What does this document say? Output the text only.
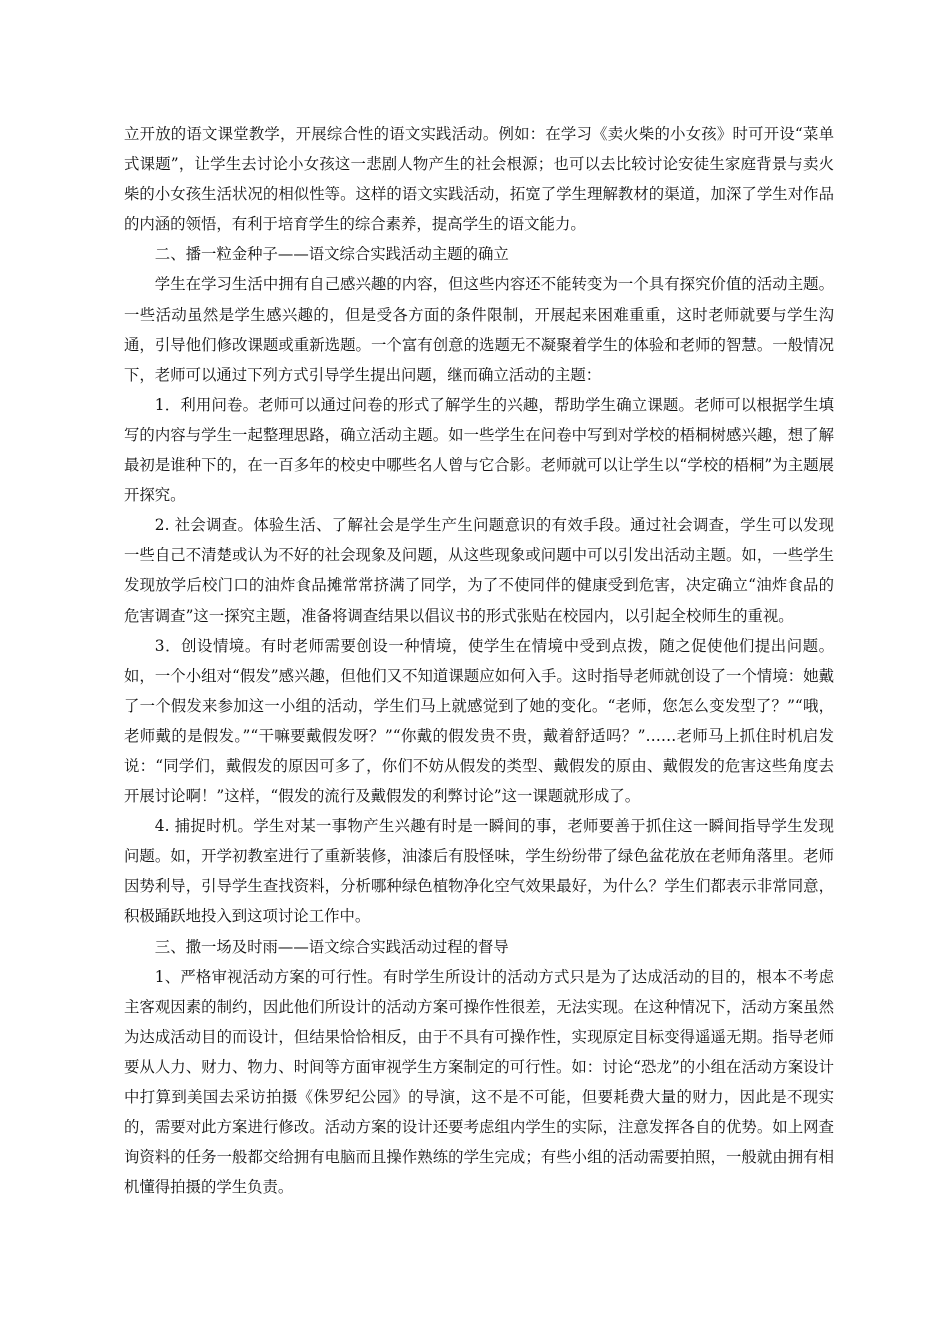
立开放的语文课堂教学，开展综合性的语文实践活动。例如：在学习《卖火柴的小女孩》时可开设“菜单式课题”，让学生去讨论小女孩这一悲剧人物产生的社会根源；也可以去比较讨论安徒生家庭背景与卖火柴的小女孩生活状况的相似性等。这样的语文实践活动，拓宽了学生理解教材的渠道，加深了学生对作品的内涵的领悟，有利于培育学生的综合素养，提高学生的语文能力。

二、播一粒金种子——语文综合实践活动主题的确立

学生在学习生活中拥有自己感兴趣的内容，但这些内容还不能转变为一个具有探究价值的活动主题。一些活动虽然是学生感兴趣的，但是受各方面的条件限制，开展起来困难重重，这时老师就要与学生沟通，引导他们修改课题或重新选题。一个富有创意的选题无不凝聚着学生的体验和老师的智慧。一般情况下，老师可以通过下列方式引导学生提出问题，继而确立活动的主题：

1．利用问卷。老师可以通过问卷的形式了解学生的兴趣，帮助学生确立课题。老师可以根据学生填写的内容与学生一起整理思路，确立活动主题。如一些学生在问卷中写到对学校的梧桐树感兴趣，想了解最初是谁种下的，在一百多年的校史中哪些名人曾与它合影。老师就可以让学生以“学校的梧桐”为主题展开探究。

2. 社会调查。体验生活、了解社会是学生产生问题意识的有效手段。通过社会调查，学生可以发现一些自己不清楚或认为不好的社会现象及问题，从这些现象或问题中可以引发出活动主题。如，一些学生发现放学后校门口的油炸食品摊常常挤满了同学，为了不使同伴的健康受到危害，决定确立“油炸食品的危害调查”这一探究主题，准备将调查结果以倡议书的形式张贴在校园内，以引起全校师生的重视。

3．创设情境。有时老师需要创设一种情境，使学生在情境中受到点拨，随之促使他们提出问题。如，一个小组对“假发”感兴趣，但他们又不知道课题应如何入手。这时指导老师就创设了一个情境：她戴了一个假发来参加这一小组的活动，学生们马上就感觉到了她的变化。“老师，您怎么变发型了？”“哦，老师戴的是假发。”“干嘛要戴假发呀？”“你戴的假发贵不贵，戴着舒适吗？”……老师马上抓住时机启发说：“同学们，戴假发的原因可多了，你们不妨从假发的类型、戴假发的原由、戴假发的危害这些角度去开展讨论啊！”这样，“假发的流行及戴假发的利弊讨论”这一课题就形成了。

4. 捕捉时机。学生对某一事物产生兴趣有时是一瞬间的事，老师要善于抓住这一瞬间指导学生发现问题。如，开学初教室进行了重新装修，油漆后有股怪味，学生纷纷带了绿色盆花放在老师角落里。老师因势利导，引导学生查找资料，分析哪种绿色植物净化空气效果最好，为什么？学生们都表示非常同意，积极踊跃地投入到这项讨论工作中。

三、撒一场及时雨——语文综合实践活动过程的督导

1、严格审视活动方案的可行性。有时学生所设计的活动方式只是为了达成活动的目的，根本不考虑主客观因素的制约，因此他们所设计的活动方案可操作性很差，无法实现。在这种情况下，活动方案虽然为达成活动目的而设计，但结果恰恰相反，由于不具有可操作性，实现原定目标变得遥遥无期。指导老师要从人力、财力、物力、时间等方面审视学生方案制定的可行性。如：讨论“恐龙”的小组在活动方案设计中打算到美国去采访拍摄《侏罗纪公园》的导演，这不是不可能，但要耗费大量的财力，因此是不现实的，需要对此方案进行修改。活动方案的设计还要考虑组内学生的实际，注意发挥各自的优势。如上网查询资料的任务一般都交给拥有电脑而且操作熟练的学生完成；有些小组的活动需要拍照，一般就由拥有相机懂得拍摄的学生负责。
